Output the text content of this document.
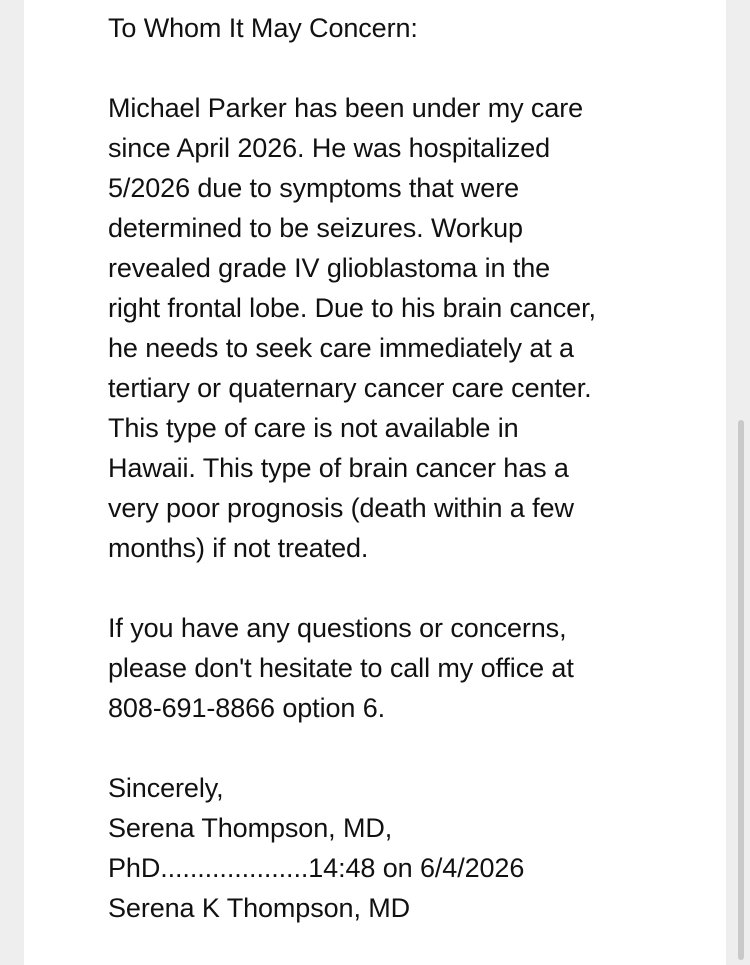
To Whom It May Concern:

Michael Parker has been under my care

since April 2026. He was hospitalized

5/2026 due to symptoms that were

determined to be seizures. Workup

revealed grade IV glioblastoma in the

right frontal lobe. Due to his brain cancer,

he needs to seek care immediately at a

tertiary or quaternary cancer care center.

This type of care is not available in

Hawaii. This type of brain cancer has a

very poor prognosis (death within a few

months) if not treated.

If you have any questions or concerns,

please don't hesitate to call my office at

808-691-8866 option 6.

Sincerely,

Serena Thompson, MD,

PhD....................14:48 on 6/4/2026

Serena K Thompson, MD
